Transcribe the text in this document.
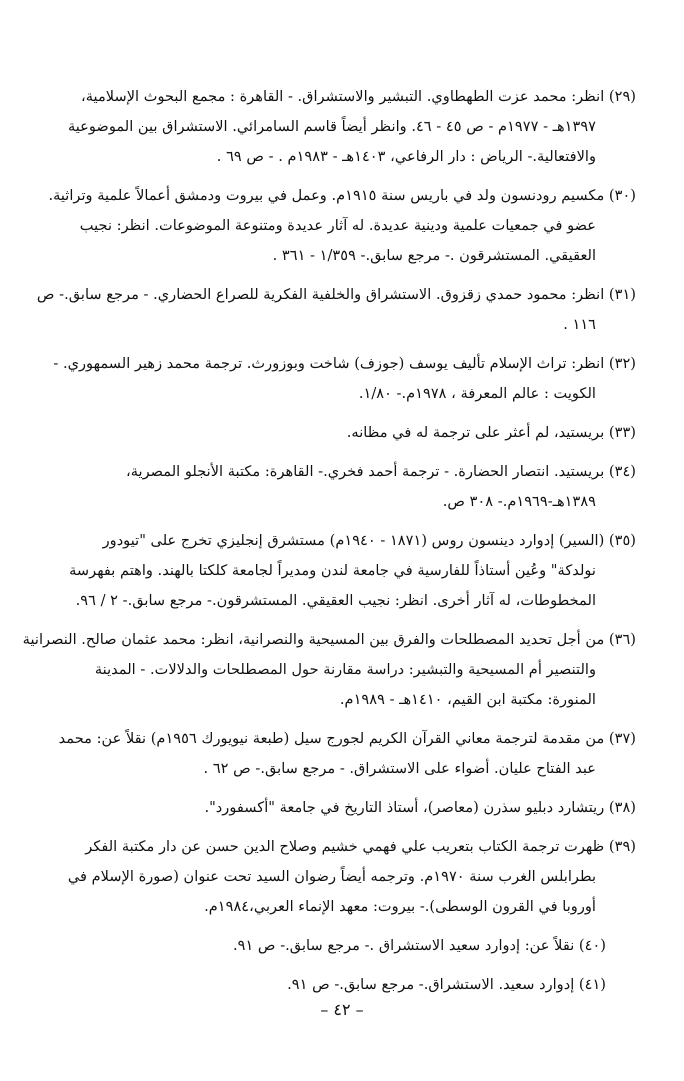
(٢٩) انظر: محمد عزت الطهطاوي. التبشير والاستشراق. - القاهرة : مجمع البحوث الإسلامية،
١٣٩٧هـ - ١٩٧٧م - ص ٤٥ - ٤٦. وانظر أيضاً قاسم السامرائي. الاستشراق بين الموضوعية
والافتعالية.- الرياض : دار الرفاعي، ١٤٠٣هـ - ١٩٨٣م . - ص ٦٩ .
(٣٠) مكسيم رودنسون ولد في باريس سنة ١٩١٥م. وعمل في بيروت ودمشق أعمالاً علمية وتراثية.
عضو في جمعيات علمية ودينية عديدة. له آثار عديدة ومتنوعة الموضوعات. انظر: نجيب
العقيقي. المستشرقون .- مرجع سابق.- ١/٣٥٩ - ٣٦١ .
(٣١) انظر: محمود حمدي زقزوق. الاستشراق والخلفية الفكرية للصراع الحضاري. - مرجع سابق.- ص
١١٦ .
(٣٢) انظر: تراث الإسلام تأليف يوسف (جوزف) شاخت وبوزورث. ترجمة محمد زهير السمهوري. -
الكويت : عالم المعرفة ، ١٩٧٨م.- ١/٨٠.
(٣٣) بريستيد، لم أعثر على ترجمة له في مظانه.
(٣٤) بريستيد. انتصار الحضارة. - ترجمة أحمد فخري.- القاهرة: مكتبة الأنجلو المصرية،
١٣٨٩هـ-١٩٦٩م.- ٣٠٨ ص.
(٣٥) (السير) إدوارد دينسون روس (١٨٧١ - ١٩٤٠م) مستشرق إنجليزي تخرج على "تيودور
نولدكة" وعُين أستاذاً للفارسية في جامعة لندن ومديراً لجامعة كلكتا بالهند. واهتم بفهرسة
المخطوطات، له آثار أخرى. انظر: نجيب العقيقي. المستشرقون.- مرجع سابق.- ٢ / ٩٦.
(٣٦) من أجل تحديد المصطلحات والفرق بين المسيحية والنصرانية، انظر: محمد عثمان صالح. النصرانية
والتنصير أم المسيحية والتبشير: دراسة مقارنة حول المصطلحات والدلالات. - المدينة
المنورة: مكتبة ابن القيم، ١٤١٠هـ - ١٩٨٩م.
(٣٧) من مقدمة لترجمة معاني القرآن الكريم لجورج سيل (طبعة نيويورك ١٩٥٦م) نقلاً عن: محمد
عبد الفتاح عليان. أضواء على الاستشراق. - مرجع سابق.- ص ٦٢ .
(٣٨) ريتشارد دبليو سذرن (معاصر)، أستاذ التاريخ في جامعة "أكسفورد".
(٣٩) ظهرت ترجمة الكتاب بتعريب علي فهمي خشيم وصلاح الدين حسن عن دار مكتبة الفكر
بطرابلس الغرب سنة ١٩٧٠م. وترجمه أيضاً رضوان السيد تحت عنوان (صورة الإسلام في
أوروبا في القرون الوسطى).- بيروت: معهد الإنماء العربي،١٩٨٤م.
(٤٠) نقلاً عن: إدوارد سعيد الاستشراق .- مرجع سابق.- ص ٩١.
(٤١) إدوارد سعيد. الاستشراق.- مرجع سابق.- ص ٩١.
– ٤٢ –
